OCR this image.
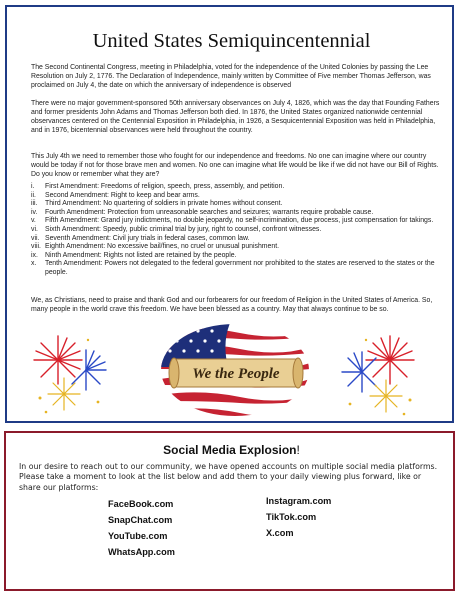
United States Semiquincentennial
The Second Continental Congress, meeting in Philadelphia, voted for the independence of the United Colonies by passing the Lee Resolution on July 2, 1776. The Declaration of Independence, mainly written by Committee of Five member Thomas Jefferson, was proclaimed on July 4, the date on which the anniversary of independence is observed
There were no major government-sponsored 50th anniversary observances on July 4, 1826, which was the day that Founding Fathers and former presidents John Adams and Thomas Jefferson both died. In 1876, the United States organized nationwide centennial observances centered on the Centennial Exposition in Philadelphia, in 1926, a Sesquicentennial Exposition was held in Philadelphia, and in 1976, bicentennial observances were held throughout the country.
This July 4th we need to remember those who fought for our independence and freedoms. No one can imagine where our country would be today if not for those brave men and women. No one can imagine what life would be like if we did not have our Bill of Rights. Do you know or remember what they are?
i.	First Amendment: Freedoms of religion, speech, press, assembly, and petition.
ii.	Second Amendment: Right to keep and bear arms.
iii.	Third Amendment: No quartering of soldiers in private homes without consent.
iv.	Fourth Amendment: Protection from unreasonable searches and seizures; warrants require probable cause.
v.	Fifth Amendment: Grand jury indictments, no double jeopardy, no self-incrimination, due process, just compensation for takings.
vi.	Sixth Amendment: Speedy, public criminal trial by jury, right to counsel, confront witnesses.
vii. Seventh Amendment: Civil jury trials in federal cases, common law.
viii. Eighth Amendment: No excessive bail/fines, no cruel or unusual punishment.
ix.	Ninth Amendment: Rights not listed are retained by the people.
x.	Tenth Amendment: Powers not delegated to the federal government nor prohibited to the states are reserved to the states or the people.
We, as Christians, need to praise and thank God and our forbearers for our freedom of Religion in the United States of America. So, many people in the world crave this freedom. We have been blessed as a country. May that always continue to be so.
We the People
Social Media Explosion!
In our desire to reach out to our community, we have opened accounts on multiple social media platforms. Please take a moment to look at the list below and add them to your daily viewing plus forward, like or share our platforms:
FaceBook.com
SnapChat.com
YouTube.com
WhatsApp.com
Instagram.com
TikTok.com
X.com
